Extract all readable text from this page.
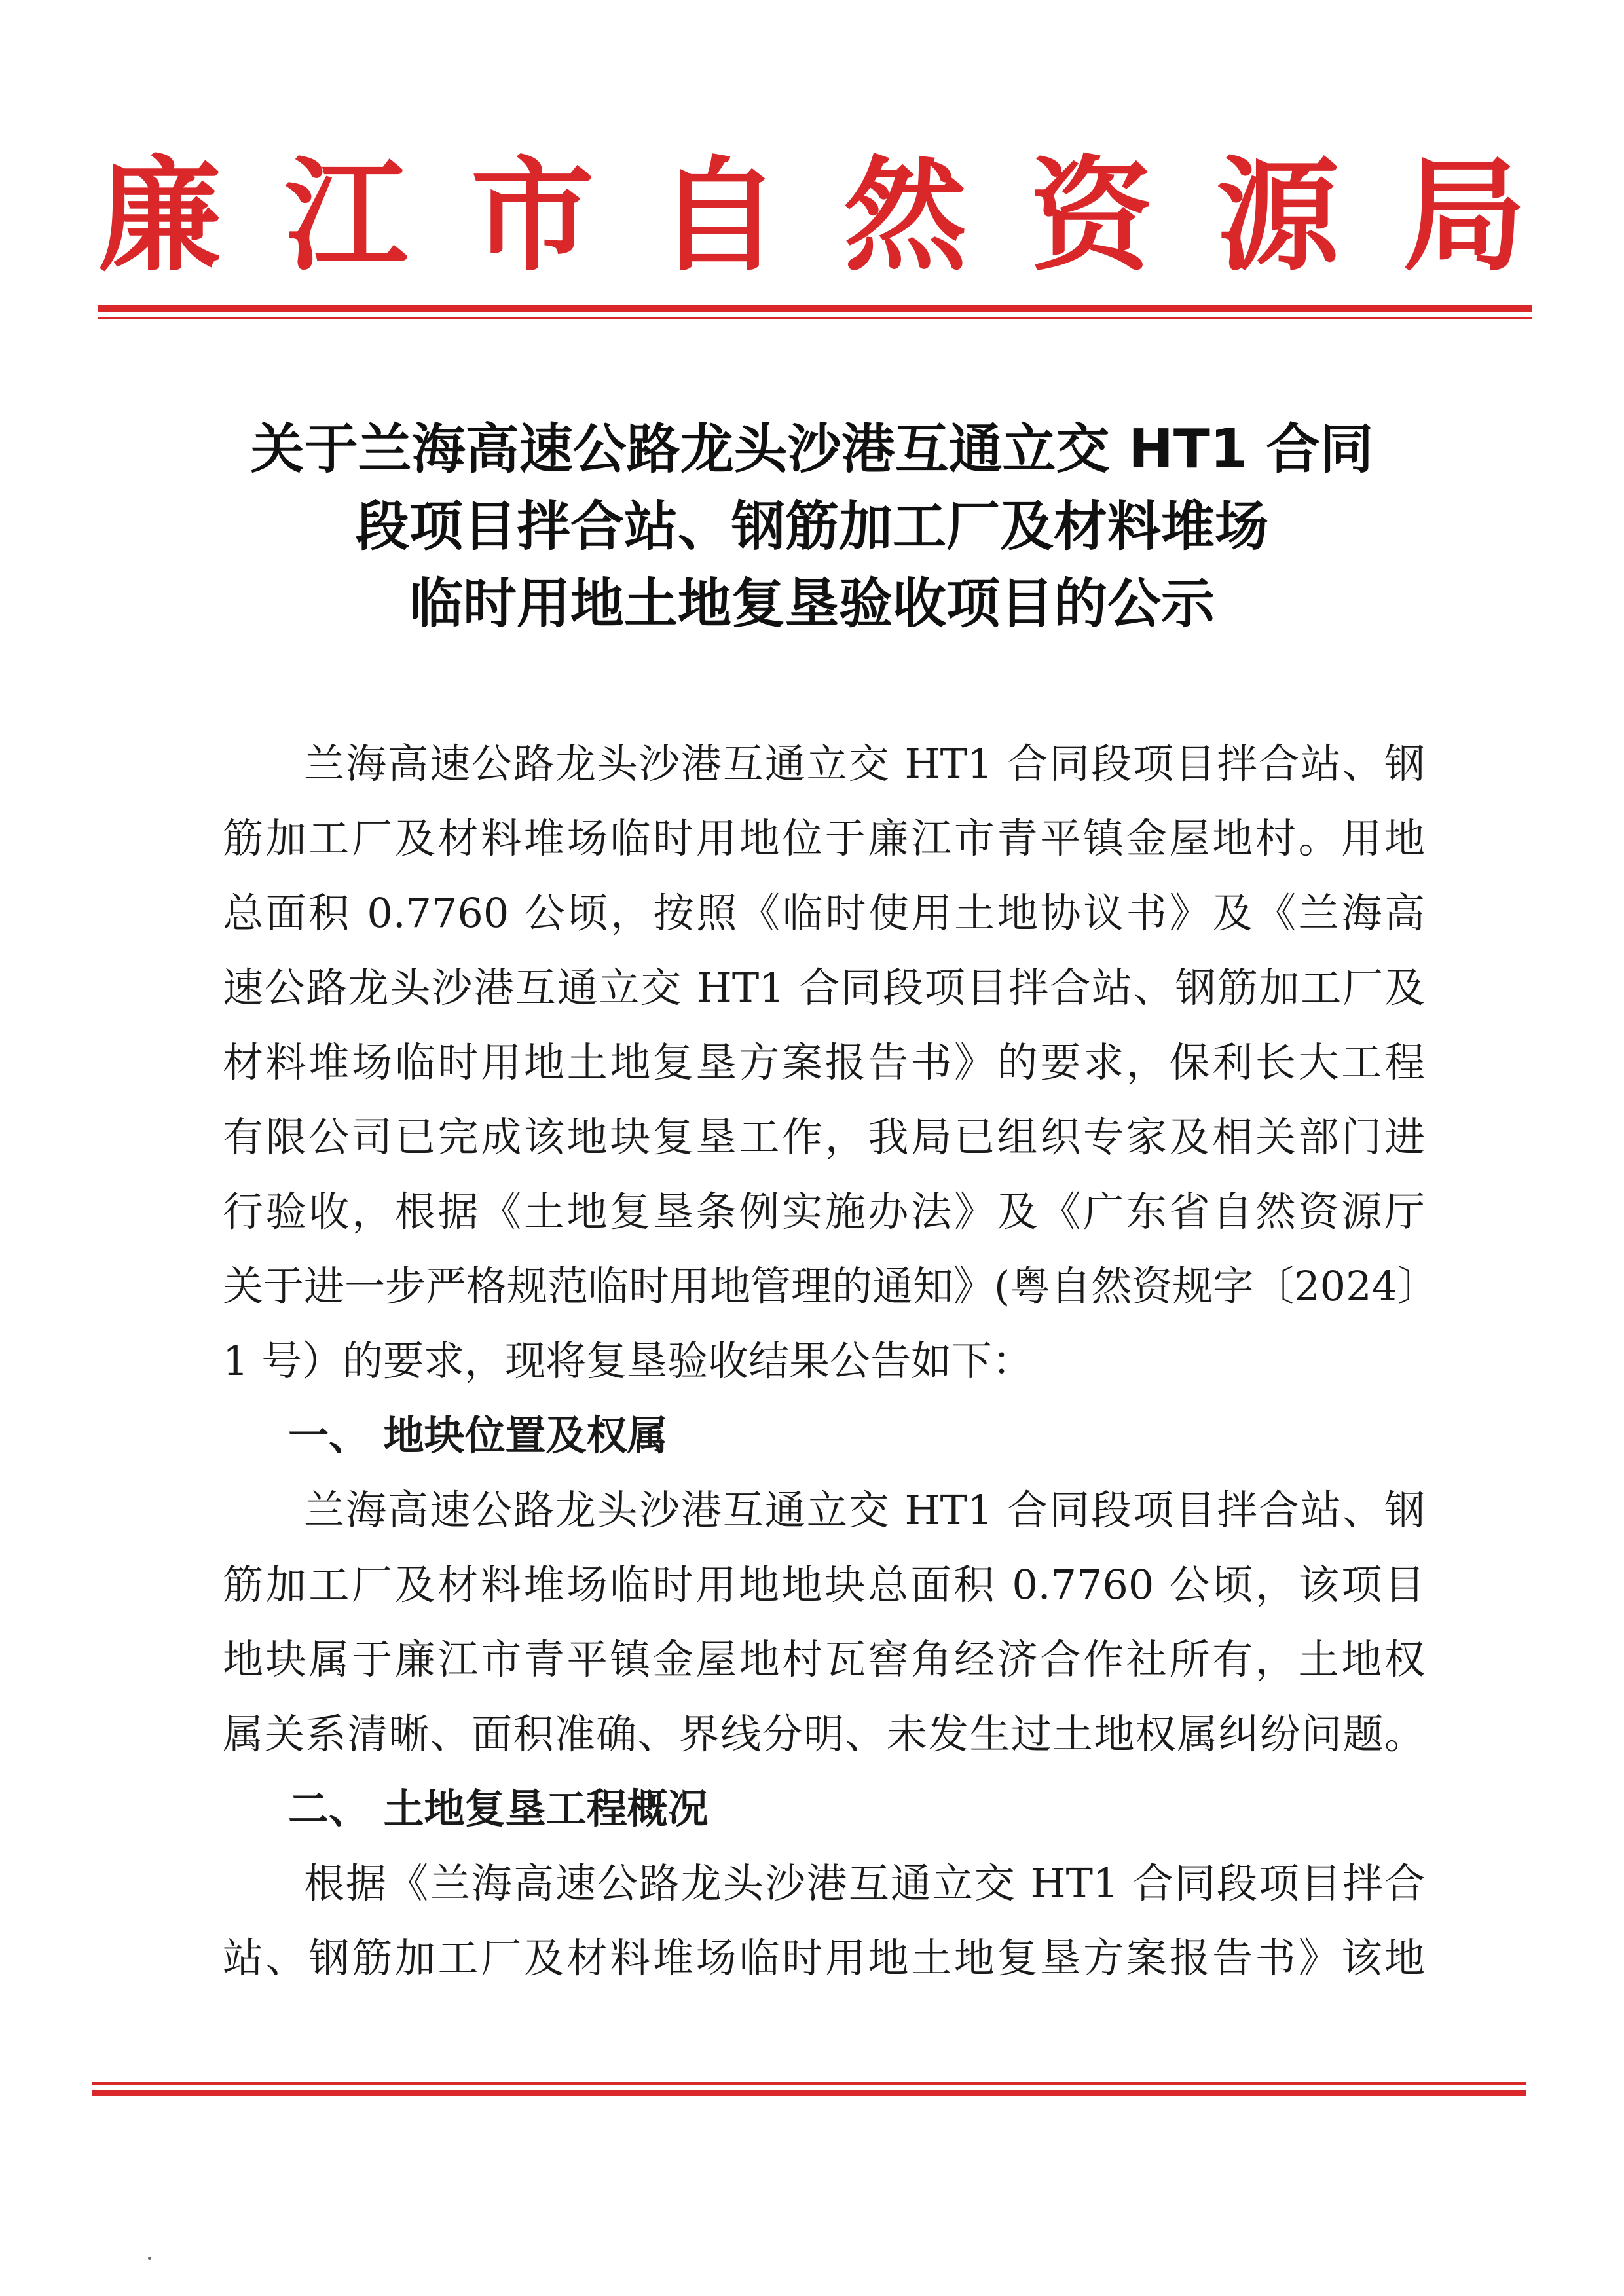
廉 江 市 自 然 资 源 局
关于兰海高速公路龙头沙港互通立交 HT1 合同
段项目拌合站、钢筋加工厂及材料堆场
临时用地土地复垦验收项目的公示
兰海高速公路龙头沙港互通立交 HT1 合同段项目拌合站、钢
筋加工厂及材料堆场临时用地位于廉江市青平镇金屋地村。用地
总面积 0.7760 公顷，按照《临时使用土地协议书》及《兰海高
速公路龙头沙港互通立交 HT1 合同段项目拌合站、钢筋加工厂及
材料堆场临时用地土地复垦方案报告书》的要求，保利长大工程
有限公司已完成该地块复垦工作，我局已组织专家及相关部门进
行验收，根据《土地复垦条例实施办法》及《广东省自然资源厅
关于进一步严格规范临时用地管理的通知》(粤自然资规字〔2024〕
1 号）的要求，现将复垦验收结果公告如下：
一、 地块位置及权属
兰海高速公路龙头沙港互通立交 HT1 合同段项目拌合站、钢
筋加工厂及材料堆场临时用地地块总面积 0.7760 公顷，该项目
地块属于廉江市青平镇金屋地村瓦窖角经济合作社所有，土地权
属关系清晰、面积准确、界线分明、未发生过土地权属纠纷问题。
二、 土地复垦工程概况
根据《兰海高速公路龙头沙港互通立交 HT1 合同段项目拌合
站、钢筋加工厂及材料堆场临时用地土地复垦方案报告书》该地
